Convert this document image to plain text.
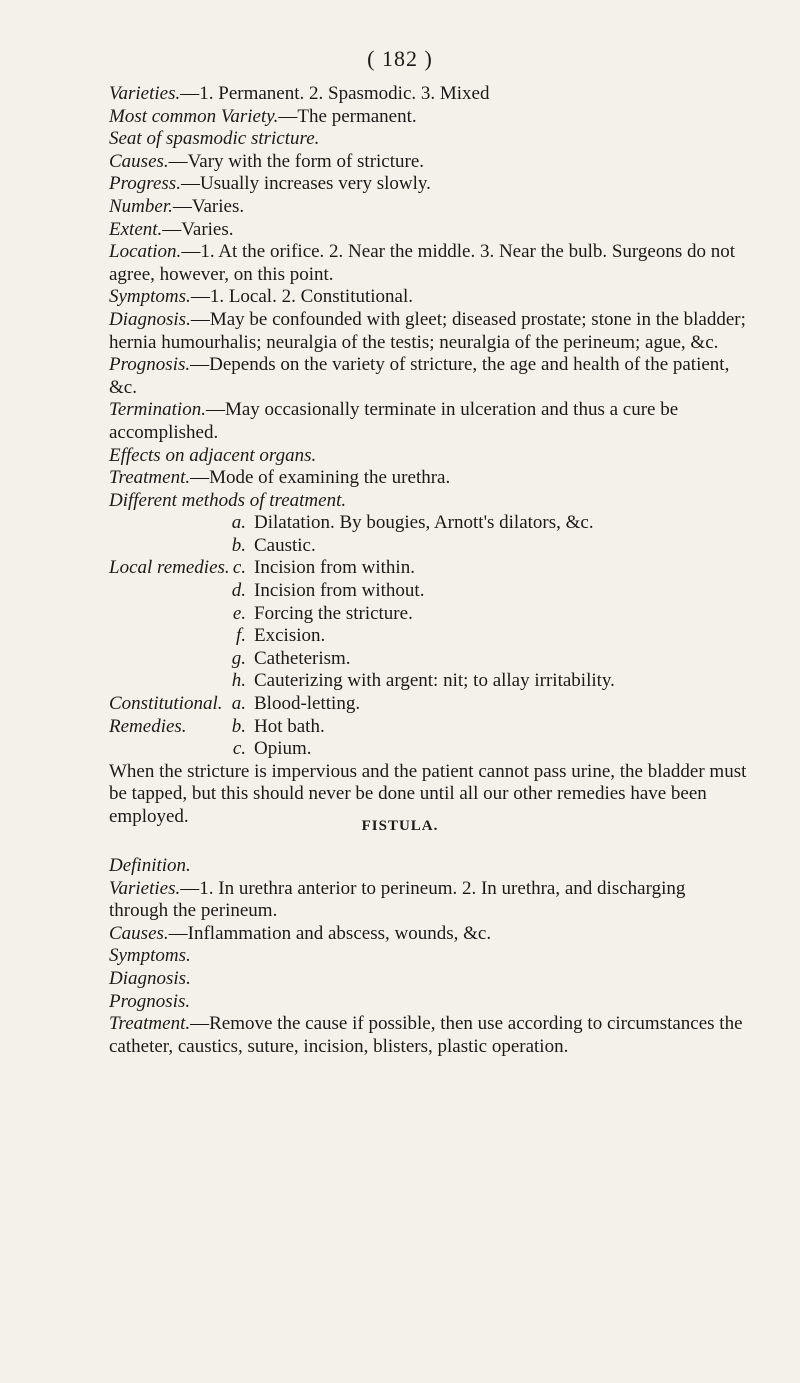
( 182 )

Varieties.—1. Permanent. 2. Spasmodic. 3. Mixed

Most common Variety.—The permanent.

Seat of spasmodic stricture.

Causes.—Vary with the form of stricture.

Progress.—Usually increases very slowly.

Number.—Varies.

Extent.—Varies.

Location.—1. At the orifice. 2. Near the middle. 3. Near the bulb. Surgeons do not agree, however, on this point.

Symptoms.—1. Local. 2. Constitutional.

Diagnosis.—May be confounded with gleet; diseased prostate; stone in the bladder; hernia humourhalis; neuralgia of the testis; neuralgia of the perineum; ague, &c.

Prognosis.—Depends on the variety of stricture, the age and health of the patient, &c.

Termination.—May occasionally terminate in ulceration and thus a cure be accomplished.

Effects on adjacent organs.

Treatment.—Mode of examining the urethra.

Different methods of treatment.

a. Dilatation. By bougies, Arnott's dilators, &c.
b. Caustic.
Local remedies. c. Incision from within.
d. Incision from without.
e. Forcing the stricture.
f. Excision.
g. Catheterism.
h. Cauterizing with argent: nit; to allay irritability.
Constitutional. a. Blood-letting.
Remedies.	b. Hot bath.
c. Opium.

When the stricture is impervious and the patient cannot pass urine, the bladder must be tapped, but this should never be done until all our other remedies have been employed.	FISTULA.

Definition.

Varieties.—1. In urethra anterior to perineum. 2. In urethra, and discharging through the perineum.

Causes.—Inflammation and abscess, wounds, &c.

Symptoms.

Diagnosis.

Prognosis.

Treatment.—Remove the cause if possible, then use according to circumstances the catheter, caustics, suture, incision, blisters, plastic operation.
